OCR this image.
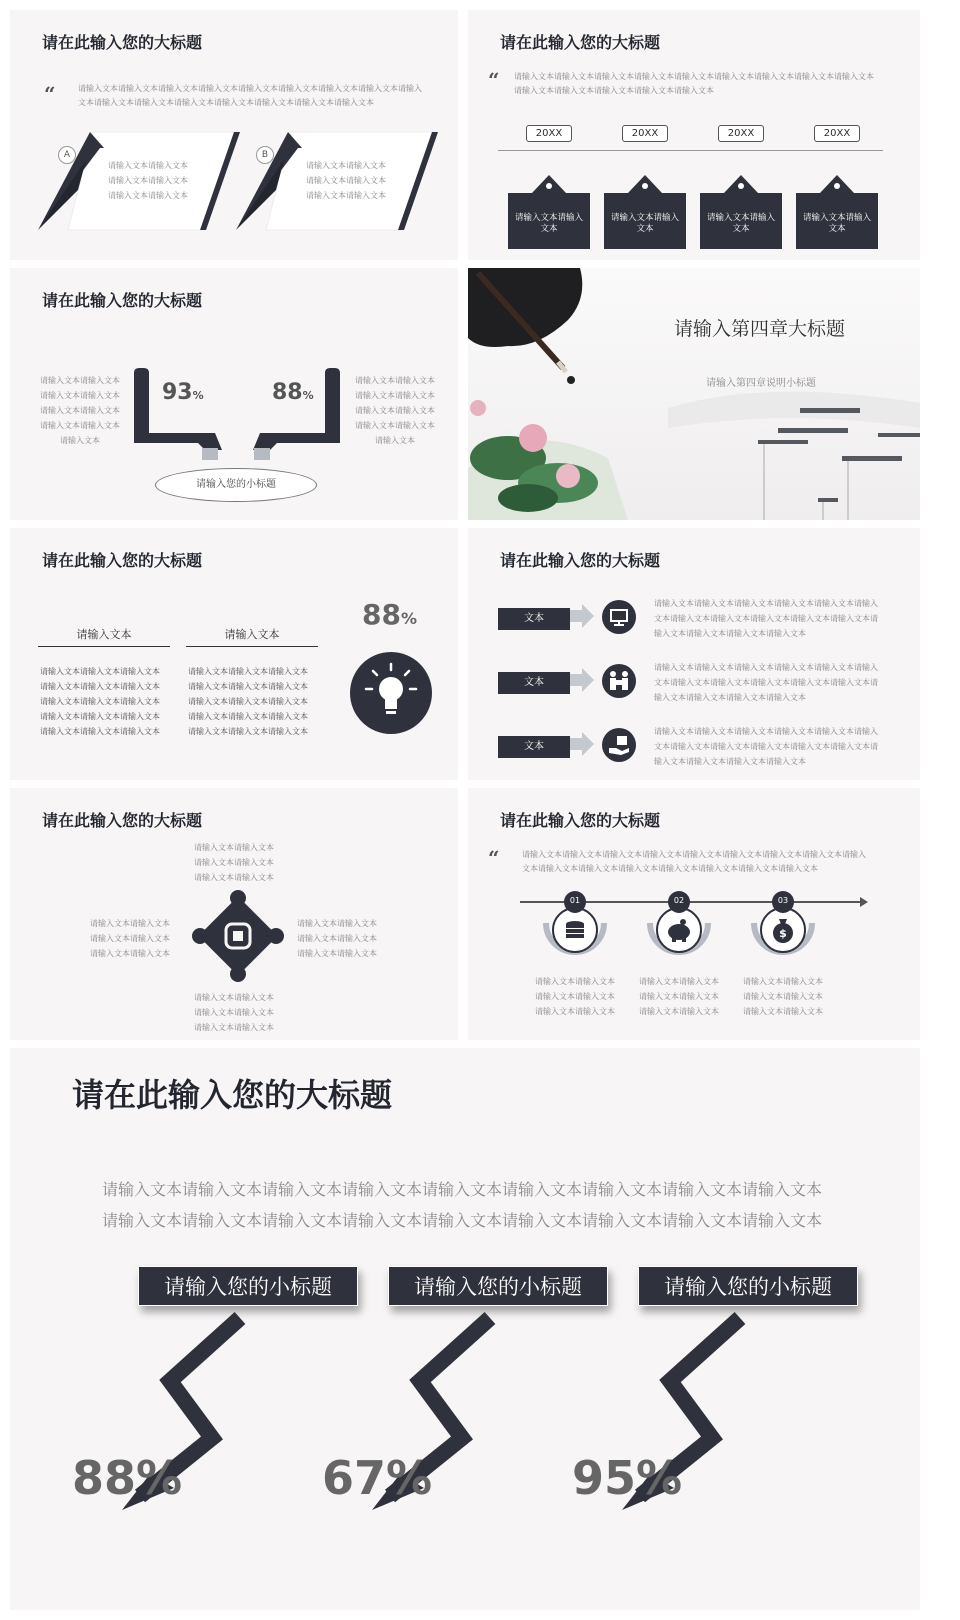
请在此输入您的大标题
“	请输入文本请输入文本请输入文本请输入文本请输入文本请输入文本请输入文本请输入文本请输入文本请输入文本请输入文本请输入文本请输入文本请输入文本请输入文本请输入文本
A
请输入文本请输入文本
请输入文本请输入文本
请输入文本请输入文本
B
请输入文本请输入文本
请输入文本请输入文本
请输入文本请输入文本
请在此输入您的大标题
“ 请输入文本请输入文本请输入文本请输入文本请输入文本请输入文本请输入文本请输入文本请输入文本请输入文本请输入文本请输入文本请输入文本请输入文本
20XX	20XX	20XX	20XX
请输入文本请输入文本
请输入文本请输入文本
请输入文本请输入文本
请输入文本请输入文本
请在此输入您的大标题
请输入文本请输入文本
请输入文本请输入文本
请输入文本请输入文本
请输入文本请输入文本
请输入文本
请输入文本请输入文本
请输入文本请输入文本
请输入文本请输入文本
请输入文本请输入文本
请输入文本
93%	88%
请输入您的小标题
请输入第四章大标题
请输入第四章说明小标题
请在此输入您的大标题
请输入文本	请输入文本
请输入文本请输入文本请输入文本
请输入文本请输入文本请输入文本
请输入文本请输入文本请输入文本
请输入文本请输入文本请输入文本
请输入文本请输入文本请输入文本
请输入文本请输入文本请输入文本
请输入文本请输入文本请输入文本
请输入文本请输入文本请输入文本
请输入文本请输入文本请输入文本
请输入文本请输入文本请输入文本
88%
请在此输入您的大标题
文本
请输入文本请输入文本请输入文本请输入文本请输入文本请输入文本请输入文本请输入文本请输入文本请输入文本请输入文本请输入文本请输入文本请输入文本请输入文本
文本
请输入文本请输入文本请输入文本请输入文本请输入文本请输入文本请输入文本请输入文本请输入文本请输入文本请输入文本请输入文本请输入文本请输入文本请输入文本
文本
请输入文本请输入文本请输入文本请输入文本请输入文本请输入文本请输入文本请输入文本请输入文本请输入文本请输入文本请输入文本请输入文本请输入文本请输入文本
请在此输入您的大标题
请输入文本请输入文本
请输入文本请输入文本
请输入文本请输入文本
请输入文本请输入文本
请输入文本请输入文本
请输入文本请输入文本
请输入文本请输入文本
请输入文本请输入文本
请输入文本请输入文本
请输入文本请输入文本
请输入文本请输入文本
请输入文本请输入文本
请在此输入您的大标题
“	请输入文本请输入文本请输入文本请输入文本请输入文本请输入文本请输入文本请输入文本请输入文本请输入文本请输入文本请输入文本请输入文本请输入文本请输入文本请输入文本
01
请输入文本请输入文本
请输入文本请输入文本
请输入文本请输入文本
02
请输入文本请输入文本
请输入文本请输入文本
请输入文本请输入文本
03
$
请输入文本请输入文本
请输入文本请输入文本
请输入文本请输入文本
请在此输入您的大标题
请输入文本请输入文本请输入文本请输入文本请输入文本请输入文本请输入文本请输入文本请输入文本请输入文本请输入文本请输入文本请输入文本请输入文本请输入文本请输入文本请输入文本请输入文本
请输入您的小标题
88%
请输入您的小标题
67%
请输入您的小标题
95%
